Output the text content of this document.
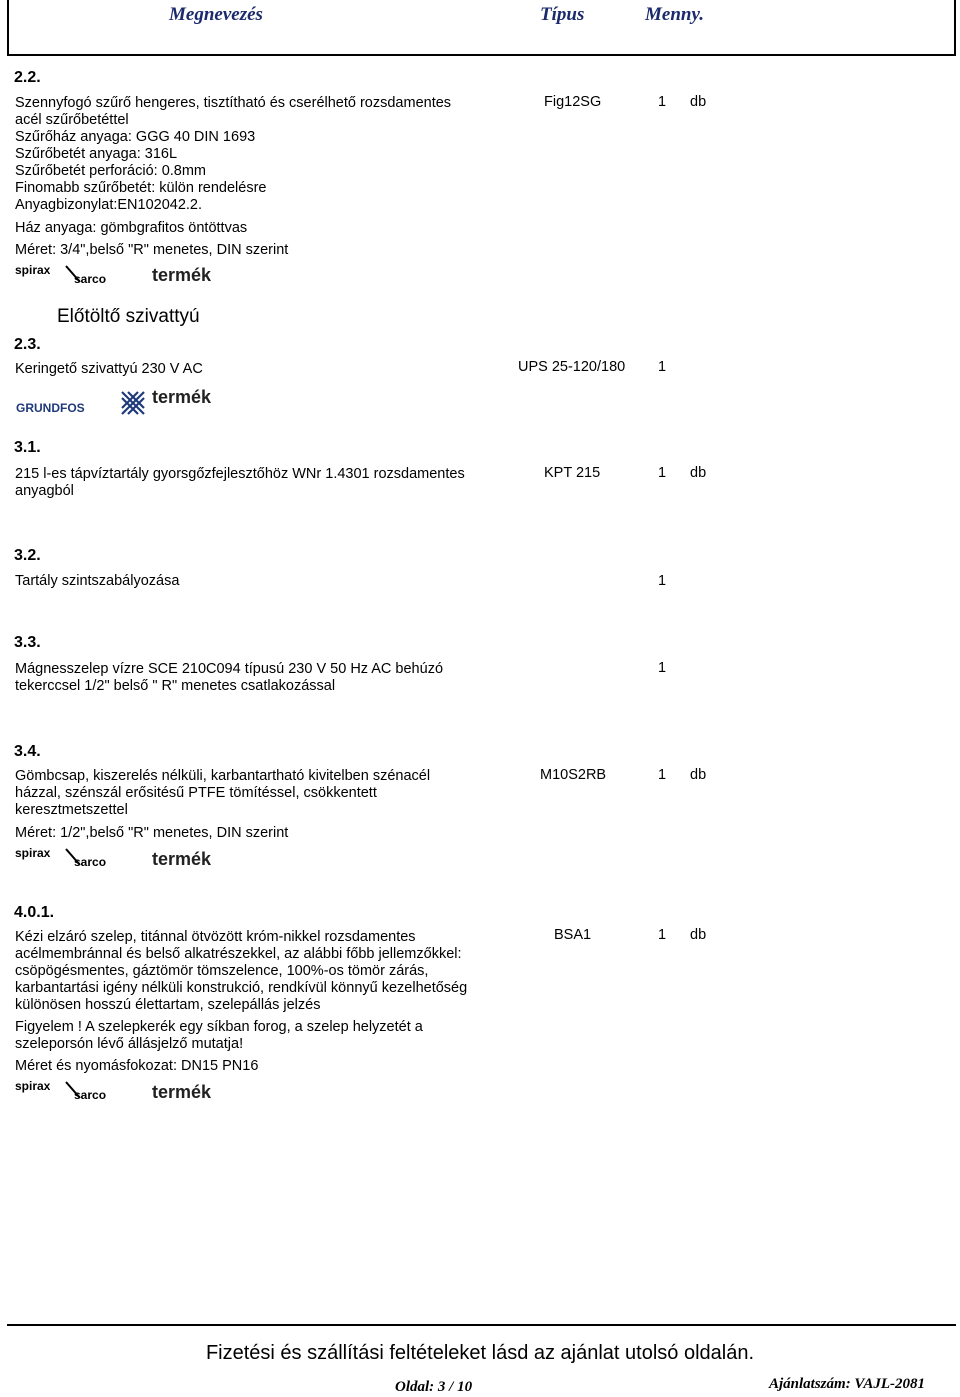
Megnevezés	Típus	Menny.
2.2.
Szennyfogó szűrő hengeres, tisztítható és cserélhető rozsdamentes
acél szűrőbetéttel
Szűrőház anyaga: GGG 40 DIN 1693
Szűrőbetét anyaga: 316L
Szűrőbetét perforáció: 0.8mm
Finomabb szűrőbetét: külön rendelésre
Anyagbizonylat:EN102042.2.
Ház anyaga: gömbgrafitos öntöttvas
Méret: 3/4",belső "R" menetes, DIN szerint
Fig12SG	1 db
spirax
sarco	termék
Előtöltő szivattyú
2.3.
Keringető szivattyú 230 V AC	UPS 25-120/180 1
GRUNDFOS
termék
3.1.
215 l-es tápvíztartály gyorsgőzfejlesztőhöz WNr 1.4301 rozsdamentes
anyagból
KPT 215	1 db
3.2.
Tartály szintszabályozása	1
3.3.
Mágnesszelep vízre SCE 210C094 típusú 230 V 50 Hz AC behúzó
tekerccsel 1/2" belső " R" menetes csatlakozással
1
3.4.
Gömbcsap, kiszerelés nélküli, karbantartható kivitelben szénacél
házzal, szénszál erősitésű PTFE tömítéssel, csökkentett
keresztmetszettel
Méret: 1/2",belső "R" menetes, DIN szerint
M10S2RB	1 db
spirax
sarco	termék
4.0.1.
Kézi elzáró szelep, titánnal ötvözött króm-nikkel rozsdamentes
acélmembránnal és belső alkatrészekkel, az alábbi főbb jellemzőkkel:
csöpögésmentes, gáztömör tömszelence, 100%-os tömör zárás,
karbantartási igény nélküli konstrukció, rendkívül könnyű kezelhetőség
különösen hosszú élettartam, szelepállás jelzés
Figyelem ! A szelepkerék egy síkban forog, a szelep helyzetét a
szeleporsón lévő állásjelző mutatja!
Méret és nyomásfokozat: DN15 PN16
BSA1	1 db
spirax
sarco	termék
Fizetési és szállítási feltételeket lásd az ajánlat utolsó oldalán.
Oldal: 3 / 10	Ajánlatszám: VAJL-2081
